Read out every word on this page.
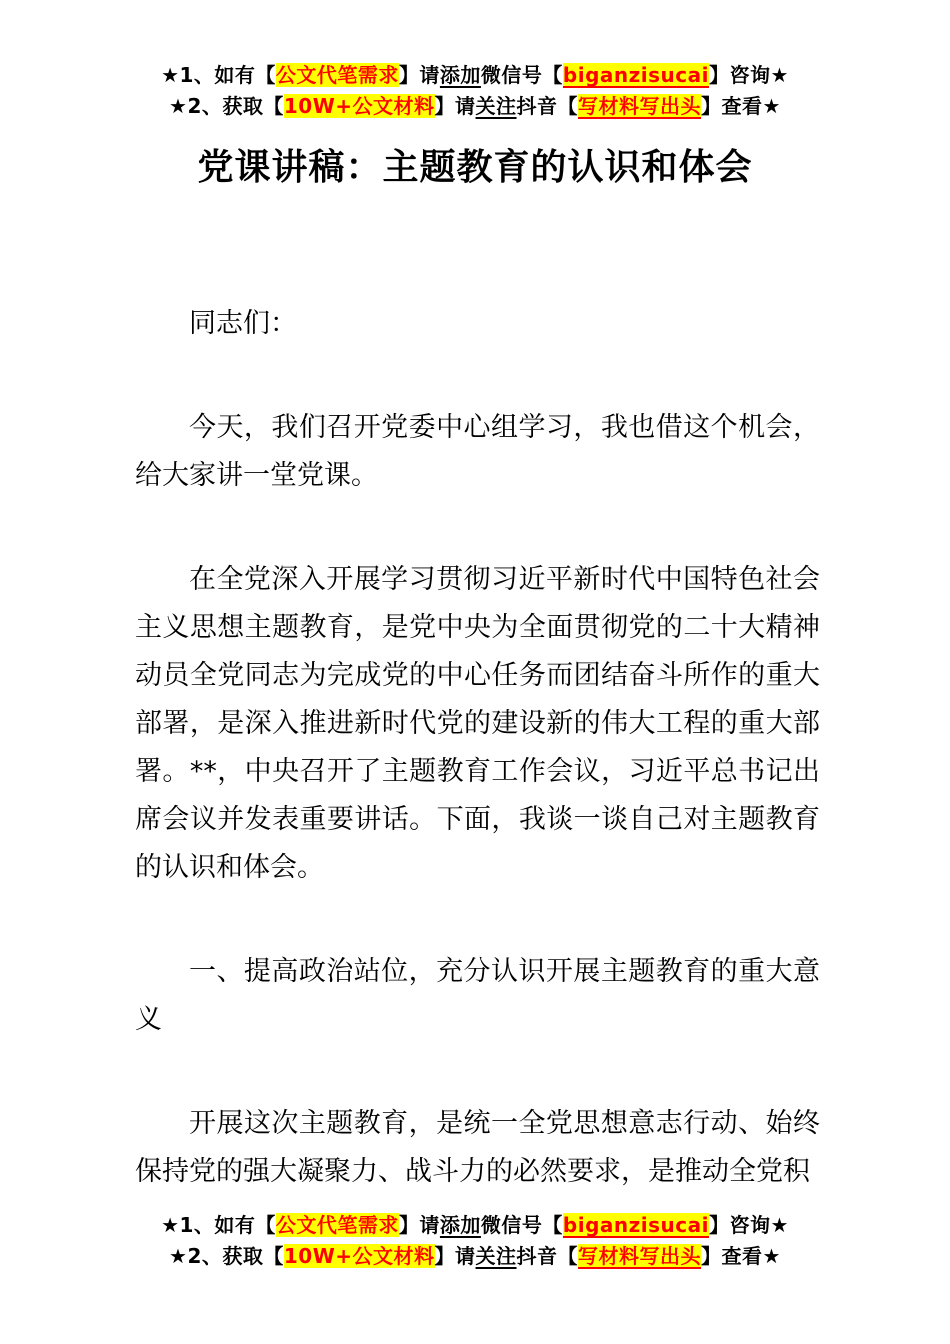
★1、如有【公文代笔需求】请添加微信号【biganzisucai】咨询★
★2、获取【10W+公文材料】请关注抖音【写材料写出头】查看★
党课讲稿：主题教育的认识和体会

同志们：

今天，我们召开党委中心组学习，我也借这个机会，给大家讲一堂党课。

在全党深入开展学习贯彻习近平新时代中国特色社会主义思想主题教育，是党中央为全面贯彻党的二十大精神动员全党同志为完成党的中心任务而团结奋斗所作的重大部署，是深入推进新时代党的建设新的伟大工程的重大部署。**，中央召开了主题教育工作会议，习近平总书记出席会议并发表重要讲话。下面，我谈一谈自己对主题教育的认识和体会。

一、提高政治站位，充分认识开展主题教育的重大意义

开展这次主题教育，是统一全党思想意志行动、始终保持党的强大凝聚力、战斗力的必然要求，是推动全党积

★1、如有【公文代笔需求】请添加微信号【biganzisucai】咨询★
★2、获取【10W+公文材料】请关注抖音【写材料写出头】查看★
